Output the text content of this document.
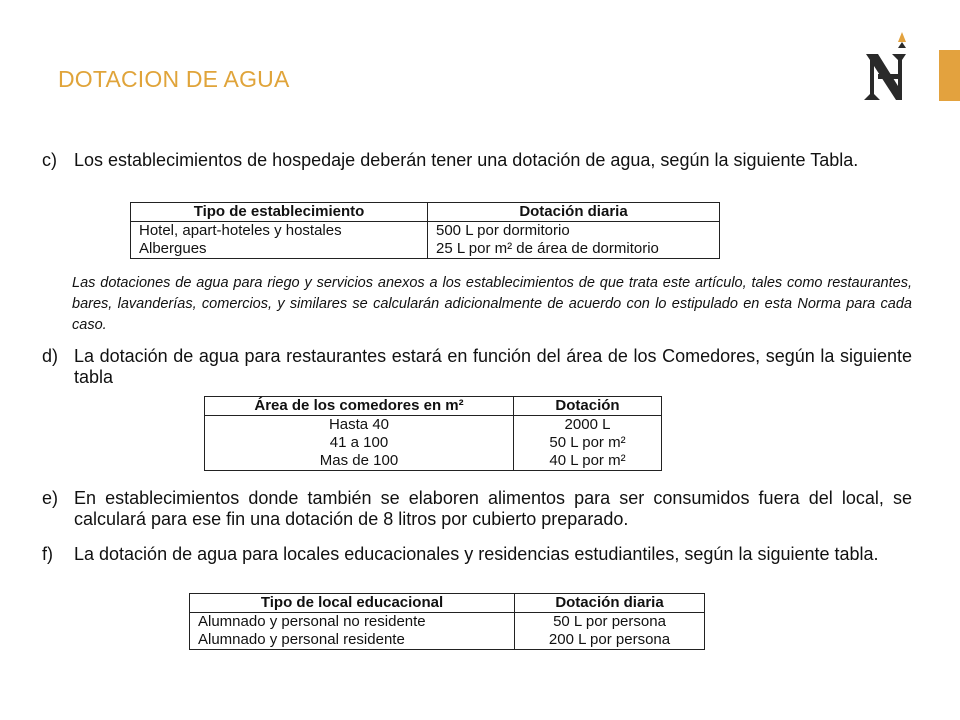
DOTACION DE AGUA
c) Los establecimientos de hospedaje deberán tener una dotación de agua, según la siguiente Tabla.
Tipo de establecimiento	Dotación diaria
Hotel, apart-hoteles y hostales	500 L por dormitorio
Albergues	25 L por m² de área de dormitorio
Las dotaciones de agua para riego y servicios anexos a los establecimientos de que trata este artículo, tales como restaurantes, bares, lavanderías, comercios, y similares se calcularán adicionalmente de acuerdo con lo estipulado en esta Norma para cada caso.
d) La dotación de agua para restaurantes estará en función del área de los Comedores, según la siguiente tabla
Área de los comedores en m²	Dotación
Hasta 40	2000 L
41 a 100	50 L por m²
Mas de 100	40 L por m²
e) En establecimientos donde también se elaboren alimentos para ser consumidos fuera del local, se calculará para ese fin una dotación de 8 litros por cubierto preparado.
f) La dotación de agua para locales educacionales y residencias estudiantiles, según la siguiente tabla.
Tipo de local educacional	Dotación diaria
Alumnado y personal no residente	50 L por persona
Alumnado y personal residente	200 L por persona
